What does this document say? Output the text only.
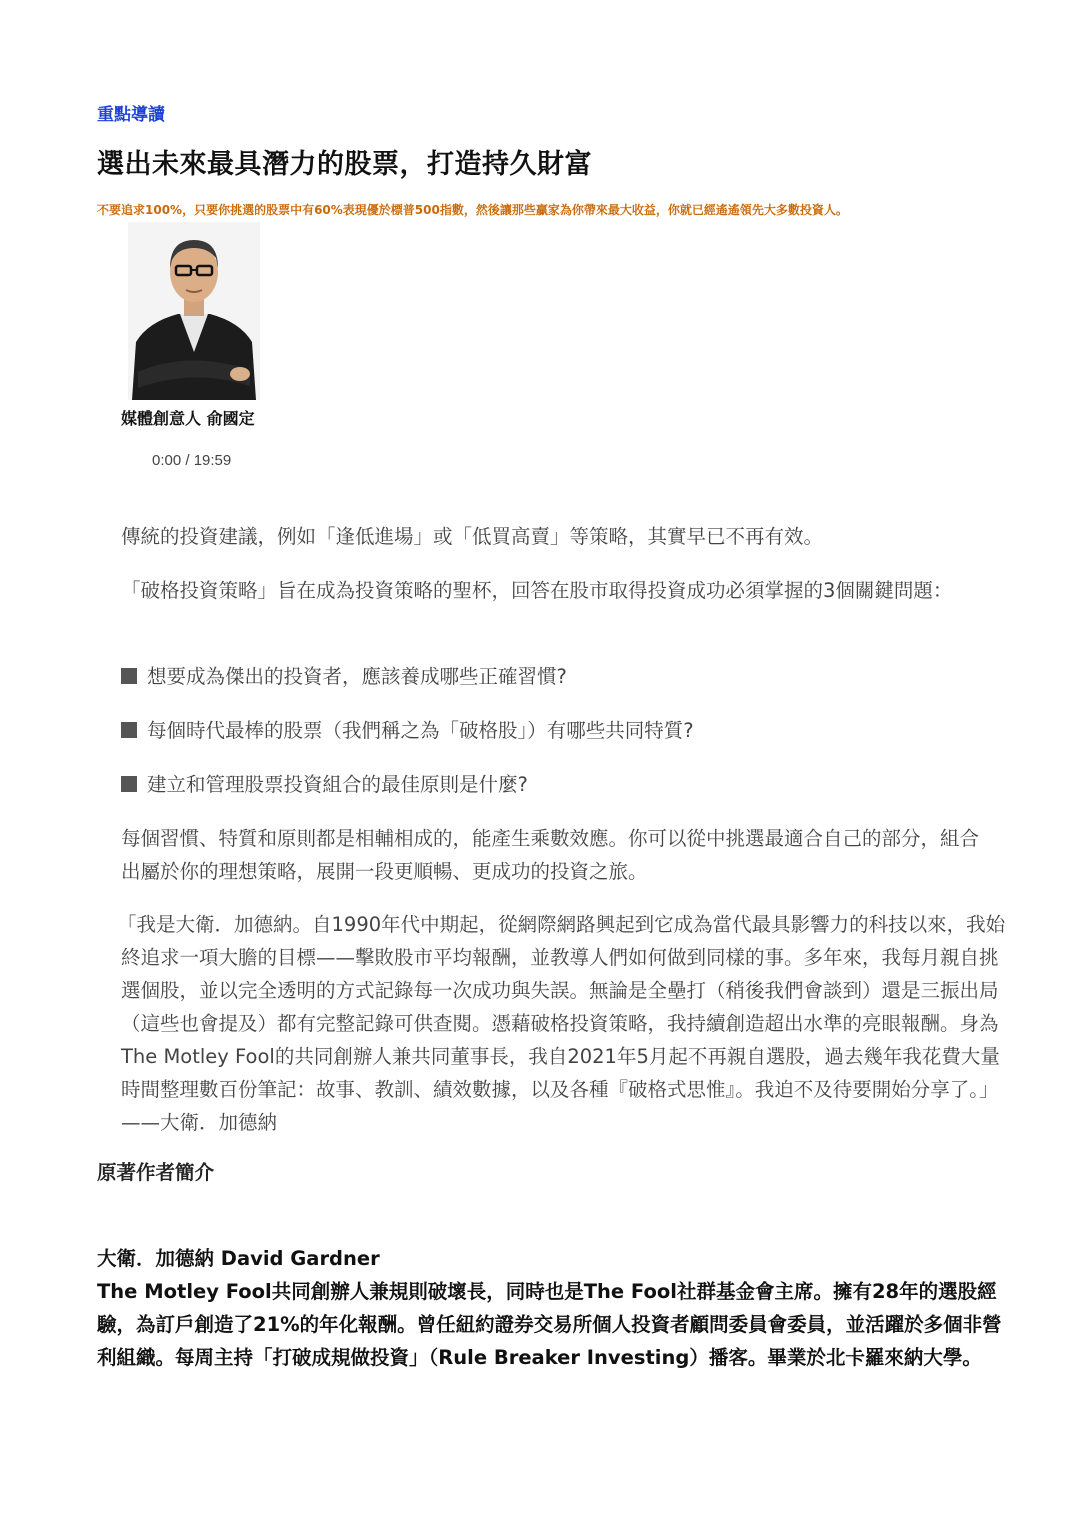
重點導讀
選出未來最具潛力的股票，打造持久財富
不要追求100%，只要你挑選的股票中有60%表現優於標普500指數，然後讓那些贏家為你帶來最大收益，你就已經遙遙領先大多數投資人。
媒體創意人 俞國定
0:00 / 19:59
傳統的投資建議，例如「逢低進場」或「低買高賣」等策略，其實早已不再有效。
「破格投資策略」旨在成為投資策略的聖杯，回答在股市取得投資成功必須掌握的3個關鍵問題：
想要成為傑出的投資者，應該養成哪些正確習慣?
每個時代最棒的股票（我們稱之為「破格股」）有哪些共同特質?
建立和管理股票投資組合的最佳原則是什麼?
每個習慣、特質和原則都是相輔相成的，能產生乘數效應。你可以從中挑選最適合自己的部分，組合出屬於你的理想策略，展開一段更順暢、更成功的投資之旅。
「我是大衛．加德納。自1990年代中期起，從網際網路興起到它成為當代最具影響力的科技以來，我始終追求一項大膽的目標——擊敗股市平均報酬，並教導人們如何做到同樣的事。多年來，我每月親自挑選個股，並以完全透明的方式記錄每一次成功與失誤。無論是全壘打（稍後我們會談到）還是三振出局（這些也會提及）都有完整記錄可供查閱。憑藉破格投資策略，我持續創造超出水準的亮眼報酬。身為The Motley Fool的共同創辦人兼共同董事長，我自2021年5月起不再親自選股，過去幾年我花費大量時間整理數百份筆記：故事、教訓、績效數據，以及各種『破格式思惟』。我迫不及待要開始分享了。」——大衛．加德納
原著作者簡介
大衛．加德納 David Gardner
The Motley Fool共同創辦人兼規則破壞長，同時也是The Fool社群基金會主席。擁有28年的選股經驗，為訂戶創造了21%的年化報酬。曾任紐約證券交易所個人投資者顧問委員會委員，並活躍於多個非營利組織。每周主持「打破成規做投資」（Rule Breaker Investing）播客。畢業於北卡羅來納大學。
